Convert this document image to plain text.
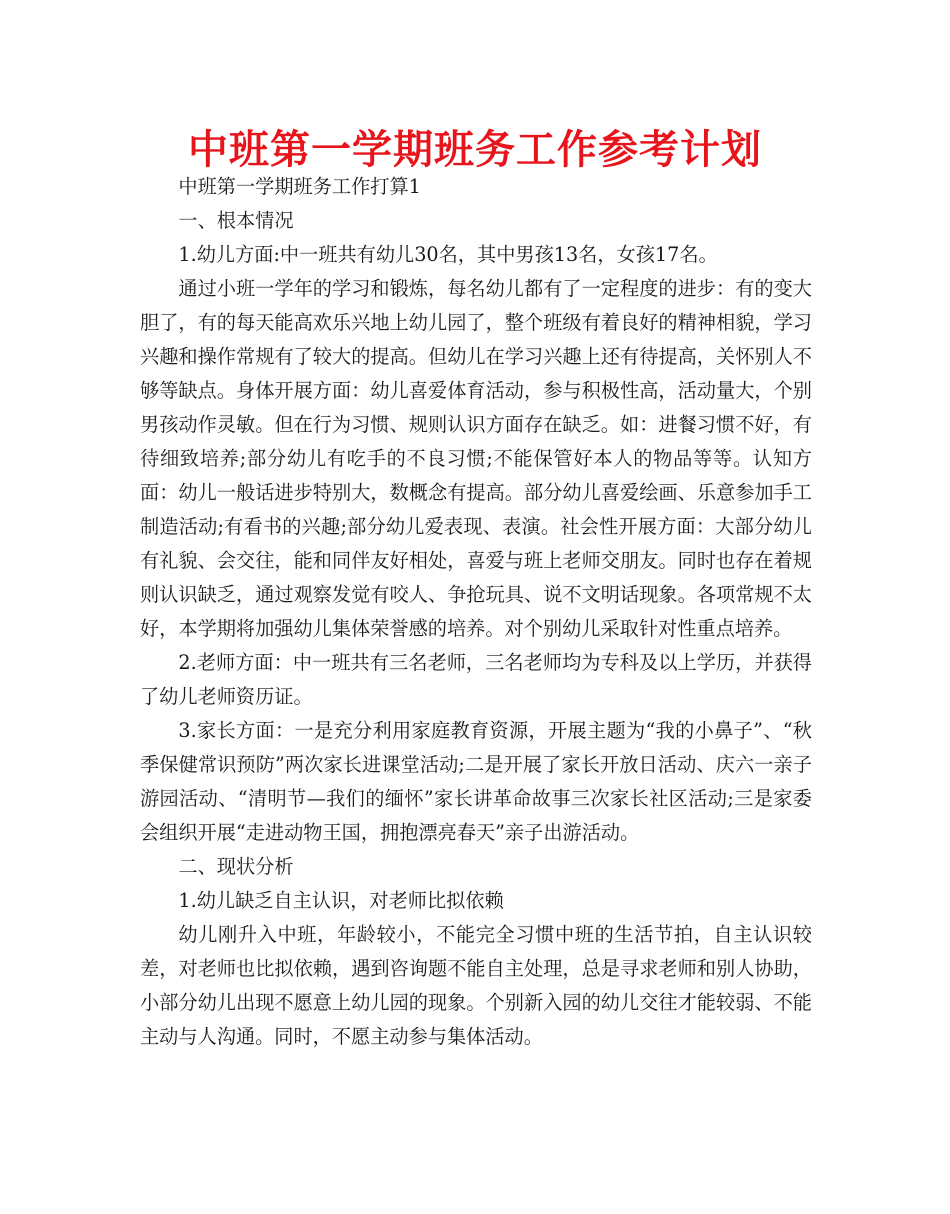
中班第一学期班务工作参考计划

中班第一学期班务工作打算1

一、根本情况

1.幼儿方面:中一班共有幼儿30名，其中男孩13名，女孩17名。

通过小班一学年的学习和锻炼，每名幼儿都有了一定程度的进步：有的变大胆了，有的每天能高欢乐兴地上幼儿园了，整个班级有着良好的精神相貌，学习兴趣和操作常规有了较大的提高。但幼儿在学习兴趣上还有待提高，关怀别人不够等缺点。身体开展方面：幼儿喜爱体育活动，参与积极性高，活动量大，个别男孩动作灵敏。但在行为习惯、规则认识方面存在缺乏。如：进餐习惯不好，有待细致培养;部分幼儿有吃手的不良习惯;不能保管好本人的物品等等。认知方面：幼儿一般话进步特别大，数概念有提高。部分幼儿喜爱绘画、乐意参加手工制造活动;有看书的兴趣;部分幼儿爱表现、表演。社会性开展方面：大部分幼儿有礼貌、会交往，能和同伴友好相处，喜爱与班上老师交朋友。同时也存在着规则认识缺乏，通过观察发觉有咬人、争抢玩具、说不文明话现象。各项常规不太好，本学期将加强幼儿集体荣誉感的培养。对个别幼儿采取针对性重点培养。

2.老师方面：中一班共有三名老师，三名老师均为专科及以上学历，并获得了幼儿老师资历证。

3.家长方面：一是充分利用家庭教育资源，开展主题为“我的小鼻子”、“秋季保健常识预防”两次家长进课堂活动;二是开展了家长开放日活动、庆六一亲子游园活动、“清明节—我们的缅怀”家长讲革命故事三次家长社区活动;三是家委会组织开展“走进动物王国，拥抱漂亮春天”亲子出游活动。

二、现状分析

1.幼儿缺乏自主认识，对老师比拟依赖

幼儿刚升入中班，年龄较小，不能完全习惯中班的生活节拍，自主认识较差，对老师也比拟依赖，遇到咨询题不能自主处理，总是寻求老师和别人协助，小部分幼儿出现不愿意上幼儿园的现象。个别新入园的幼儿交往才能较弱、不能主动与人沟通。同时，不愿主动参与集体活动。
